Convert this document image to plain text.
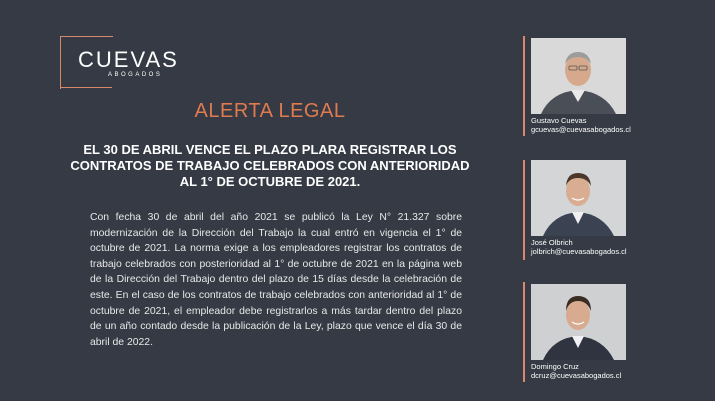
CUEVAS
ABOGADOS
ALERTA LEGAL
EL 30 DE ABRIL VENCE EL PLAZO PLARA REGISTRAR LOS
CONTRATOS DE TRABAJO CELEBRADOS CON ANTERIORIDAD
AL 1° DE OCTUBRE DE 2021.
Con fecha 30 de abril del año 2021 se publicó la Ley N° 21.327 sobre modernización de la Dirección del Trabajo la cual entró en vigencia el 1° de octubre de 2021. La norma exige a los empleadores registrar los contratos de trabajo celebrados con posterioridad al 1° de octubre de 2021 en la página web de la Dirección del Trabajo dentro del plazo de 15 días desde la celebración de este. En el caso de los contratos de trabajo celebrados con anterioridad al 1° de octubre de 2021, el empleador debe registrarlos a más tardar dentro del plazo de un año contado desde la publicación de la Ley, plazo que vence el día 30 de abril de 2022.
Gustavo Cuevas
gcuevas@cuevasabogados.cl
José Olbrich
jolbrich@cuevasabogados.cl
Domingo Cruz
dcruz@cuevasabogados.cl
